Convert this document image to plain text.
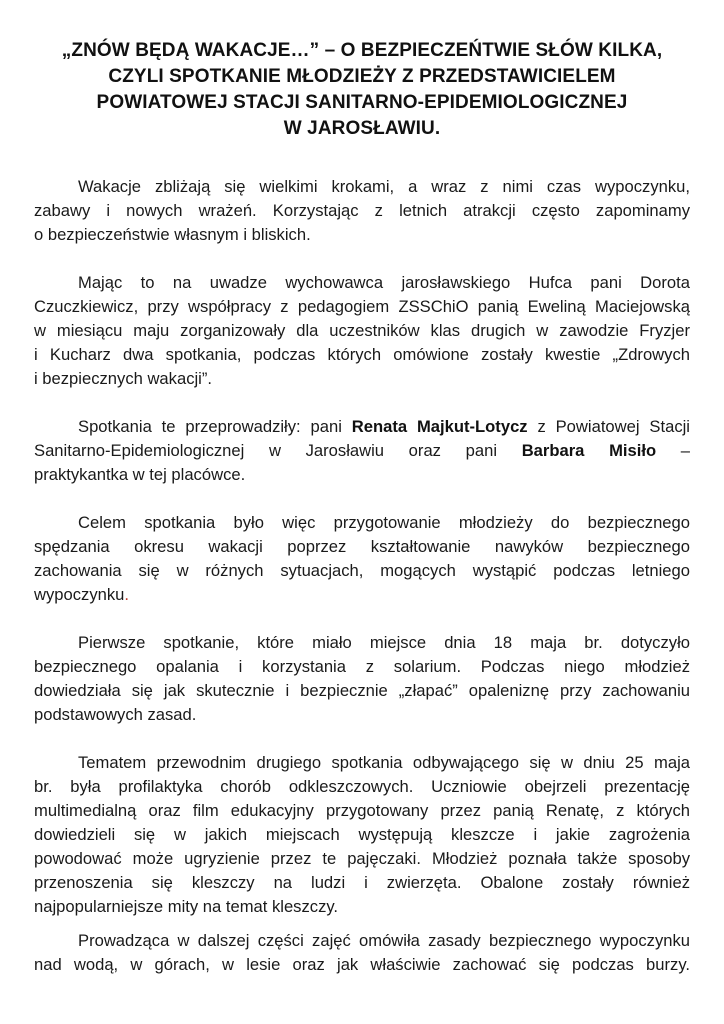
„ZNÓW BĘDĄ WAKACJE…” – O BEZPIECZEŃTWIE SŁÓW KILKA,
CZYLI SPOTKANIE MŁODZIEŻY Z PRZEDSTAWICIELEM
POWIATOWEJ STACJI SANITARNO-EPIDEMIOLOGICZNEJ
W JAROSŁAWIU.

Wakacje zbliżają się wielkimi krokami, a wraz z nimi czas wypoczynku,
zabawy i nowych wrażeń. Korzystając z letnich atrakcji często zapominamy
o bezpieczeństwie własnym i bliskich.

Mając to na uwadze wychowawca jarosławskiego Hufca pani Dorota
Czuczkiewicz, przy współpracy z pedagogiem ZSSChiO panią Eweliną Maciejowską
w miesiącu maju zorganizowały dla uczestników klas drugich w zawodzie Fryzjer
i Kucharz dwa spotkania, podczas których omówione zostały kwestie „Zdrowych
i bezpiecznych wakacji”.

Spotkania te przeprowadziły: pani Renata Majkut-Lotycz z Powiatowej Stacji
Sanitarno-Epidemiologicznej w Jarosławiu oraz pani Barbara Misiło –
praktykantka w tej placówce.

Celem spotkania było więc przygotowanie młodzieży do bezpiecznego
spędzania okresu wakacji poprzez kształtowanie nawyków bezpiecznego
zachowania się w różnych sytuacjach, mogących wystąpić podczas letniego
wypoczynku.

Pierwsze spotkanie, które miało miejsce dnia 18 maja br. dotyczyło
bezpiecznego opalania i korzystania z solarium. Podczas niego młodzież
dowiedziała się jak skutecznie i bezpiecznie „złapać” opaleniznę przy zachowaniu
podstawowych zasad.

Tematem przewodnim drugiego spotkania odbywającego się w dniu 25 maja
br. była profilaktyka chorób odkleszczowych. Uczniowie obejrzeli prezentację
multimedialną oraz film edukacyjny przygotowany przez panią Renatę, z których
dowiedzieli się w jakich miejscach występują kleszcze i jakie zagrożenia
powodować może ugryzienie przez te pajęczaki. Młodzież poznała także sposoby
przenoszenia się kleszczy na ludzi i zwierzęta. Obalone zostały również
najpopularniejsze mity na temat kleszczy.

Prowadząca w dalszej części zajęć omówiła zasady bezpiecznego wypoczynku
nad wodą, w górach, w lesie oraz jak właściwie zachować się podczas burzy.
